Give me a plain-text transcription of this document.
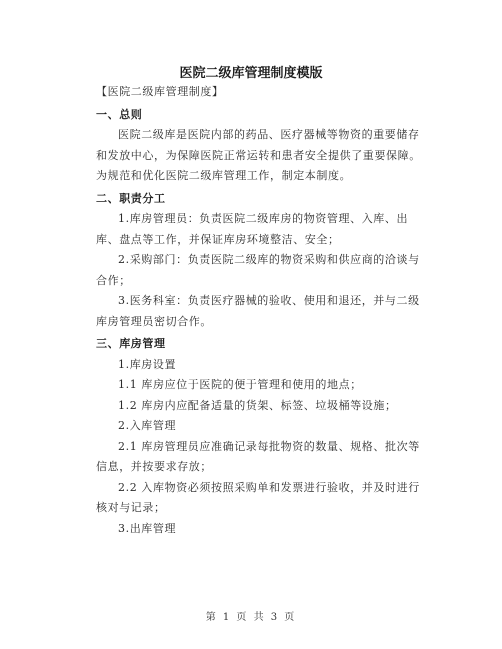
医院二级库管理制度模版

【医院二级库管理制度】

一、总则

医院二级库是医院内部的药品、医疗器械等物资的重要储存和发放中心，为保障医院正常运转和患者安全提供了重要保障。为规范和优化医院二级库管理工作，制定本制度。

二、职责分工

1.库房管理员：负责医院二级库房的物资管理、入库、出库、盘点等工作，并保证库房环境整洁、安全；

2.采购部门：负责医院二级库的物资采购和供应商的洽谈与合作；

3.医务科室：负责医疗器械的验收、使用和退还，并与二级库房管理员密切合作。

三、库房管理

1.库房设置

1.1 库房应位于医院的便于管理和使用的地点；

1.2 库房内应配备适量的货架、标签、垃圾桶等设施；

2.入库管理

2.1 库房管理员应准确记录每批物资的数量、规格、批次等信息，并按要求存放；

2.2 入库物资必须按照采购单和发票进行验收，并及时进行核对与记录；

3.出库管理

第 1 页 共 3 页
